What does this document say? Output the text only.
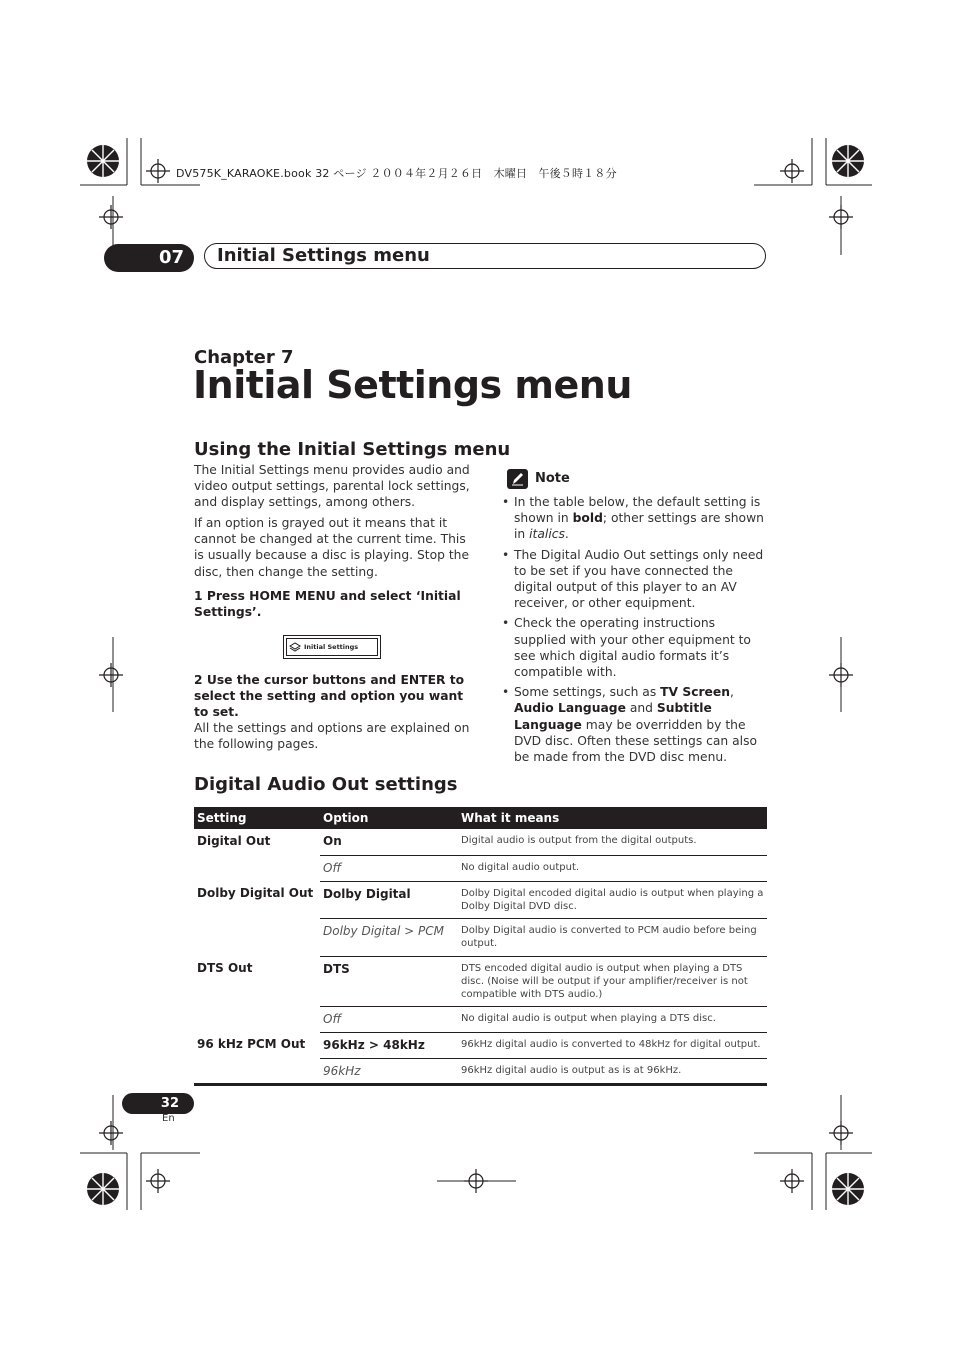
DV575K_KARAOKE.book 32 ページ ２００４年２月２６日　木曜日　午後５時１８分
07	Initial Settings menu
Chapter 7
Initial Settings menu
Using the Initial Settings menu
The Initial Settings menu provides audio and video output settings, parental lock settings, and display settings, among others.
If an option is grayed out it means that it cannot be changed at the current time. This is usually because a disc is playing. Stop the disc, then change the setting.
1 Press HOME MENU and select ‘Initial Settings’.
Initial Settings
2 Use the cursor buttons and ENTER to select the setting and option you want to set.
All the settings and options are explained on the following pages.
Note
• In the table below, the default setting is shown in bold; other settings are shown in italics.
• The Digital Audio Out settings only need to be set if you have connected the digital output of this player to an AV receiver, or other equipment.
• Check the operating instructions supplied with your other equipment to see which digital audio formats it’s compatible with.
• Some settings, such as TV Screen, Audio Language and Subtitle Language may be overridden by the DVD disc. Often these settings can also be made from the DVD disc menu.
Digital Audio Out settings
Setting	Option	What it means
Digital Out	On	Digital audio is output from the digital outputs.
	Off	No digital audio output.
Dolby Digital Out	Dolby Digital	Dolby Digital encoded digital audio is output when playing a Dolby Digital DVD disc.
	Dolby Digital > PCM	Dolby Digital audio is converted to PCM audio before being output.
DTS Out	DTS	DTS encoded digital audio is output when playing a DTS disc. (Noise will be output if your amplifier/receiver is not compatible with DTS audio.)
	Off	No digital audio is output when playing a DTS disc.
96 kHz PCM Out	96kHz > 48kHz	96kHz digital audio is converted to 48kHz for digital output.
	96kHz	96kHz digital audio is output as is at 96kHz.
32
En
